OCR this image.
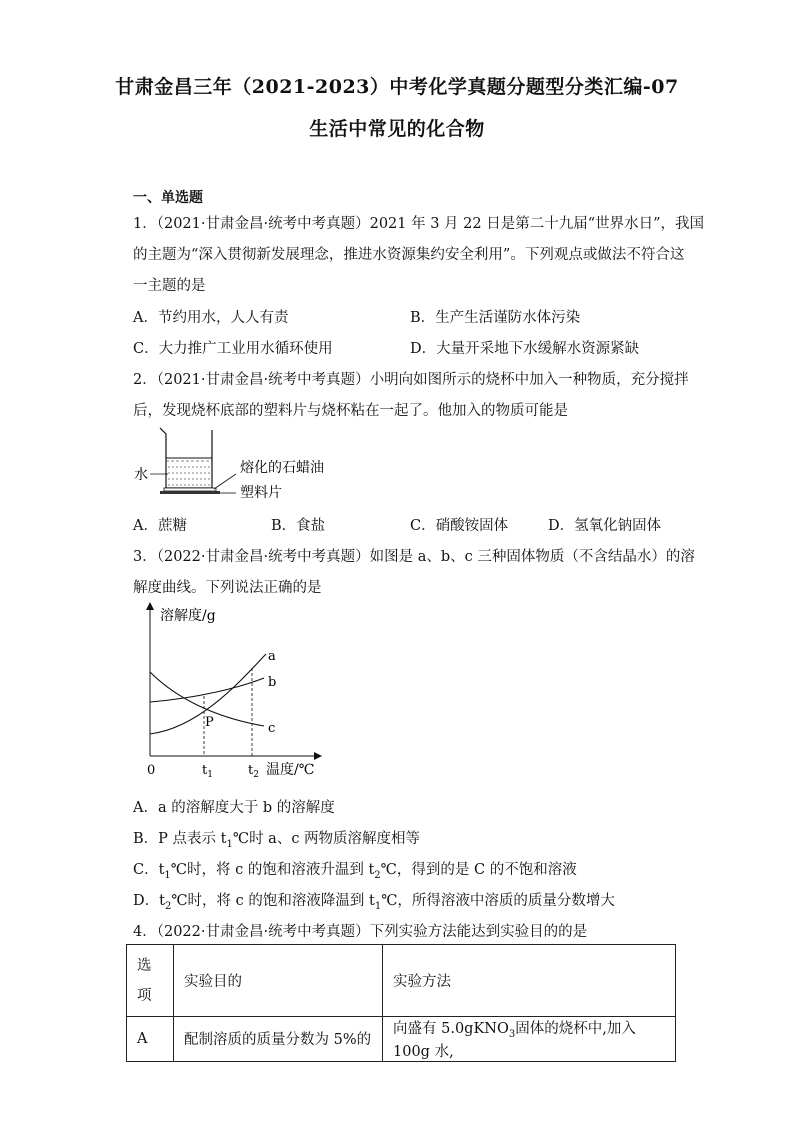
甘肃金昌三年（2021-2023）中考化学真题分题型分类汇编-07
生活中常见的化合物
一、单选题
1．（2021·甘肃金昌·统考中考真题）2021 年 3 月 22 日是第二十九届“世界水日”，我国
的主题为“深入贯彻新发展理念，推进水资源集约安全利用”。下列观点或做法不符合这
一主题的是
A．节约用水，人人有责	B．生产生活谨防水体污染
C．大力推广工业用水循环使用	D．大量开采地下水缓解水资源紧缺
2．（2021·甘肃金昌·统考中考真题）小明向如图所示的烧杯中加入一种物质，充分搅拌
后，发现烧杯底部的塑料片与烧杯粘在一起了。他加入的物质可能是
水	熔化的石蜡油
塑料片
A．蔗糖	B．食盐	C．硝酸铵固体	D．氢氧化钠固体
3．（2022·甘肃金昌·统考中考真题）如图是 a、b、c 三种固体物质（不含结晶水）的溶
解度曲线。下列说法正确的是
溶解度/g
温度/℃
0	$t_1$	$t_2$
a
b
c
P
A．a 的溶解度大于 b 的溶解度
B．P 点表示 $t_1℃$时 a、c 两物质溶解度相等
C．$t_1℃$时，将 c 的饱和溶液升温到 $t_2℃$，得到的是 C 的不饱和溶液
D．$t_2℃$时，将 c 的饱和溶液降温到 $t_1℃$，所得溶液中溶质的质量分数增大
4．（2022·甘肃金昌·统考中考真题）下列实验方法能达到实验目的的是
选
项	实验目的	实验方法
A	配制溶质的质量分数为 5%的	向盛有 5.0gKNO$_3$固体的烧杯中,加入 100g 水,
